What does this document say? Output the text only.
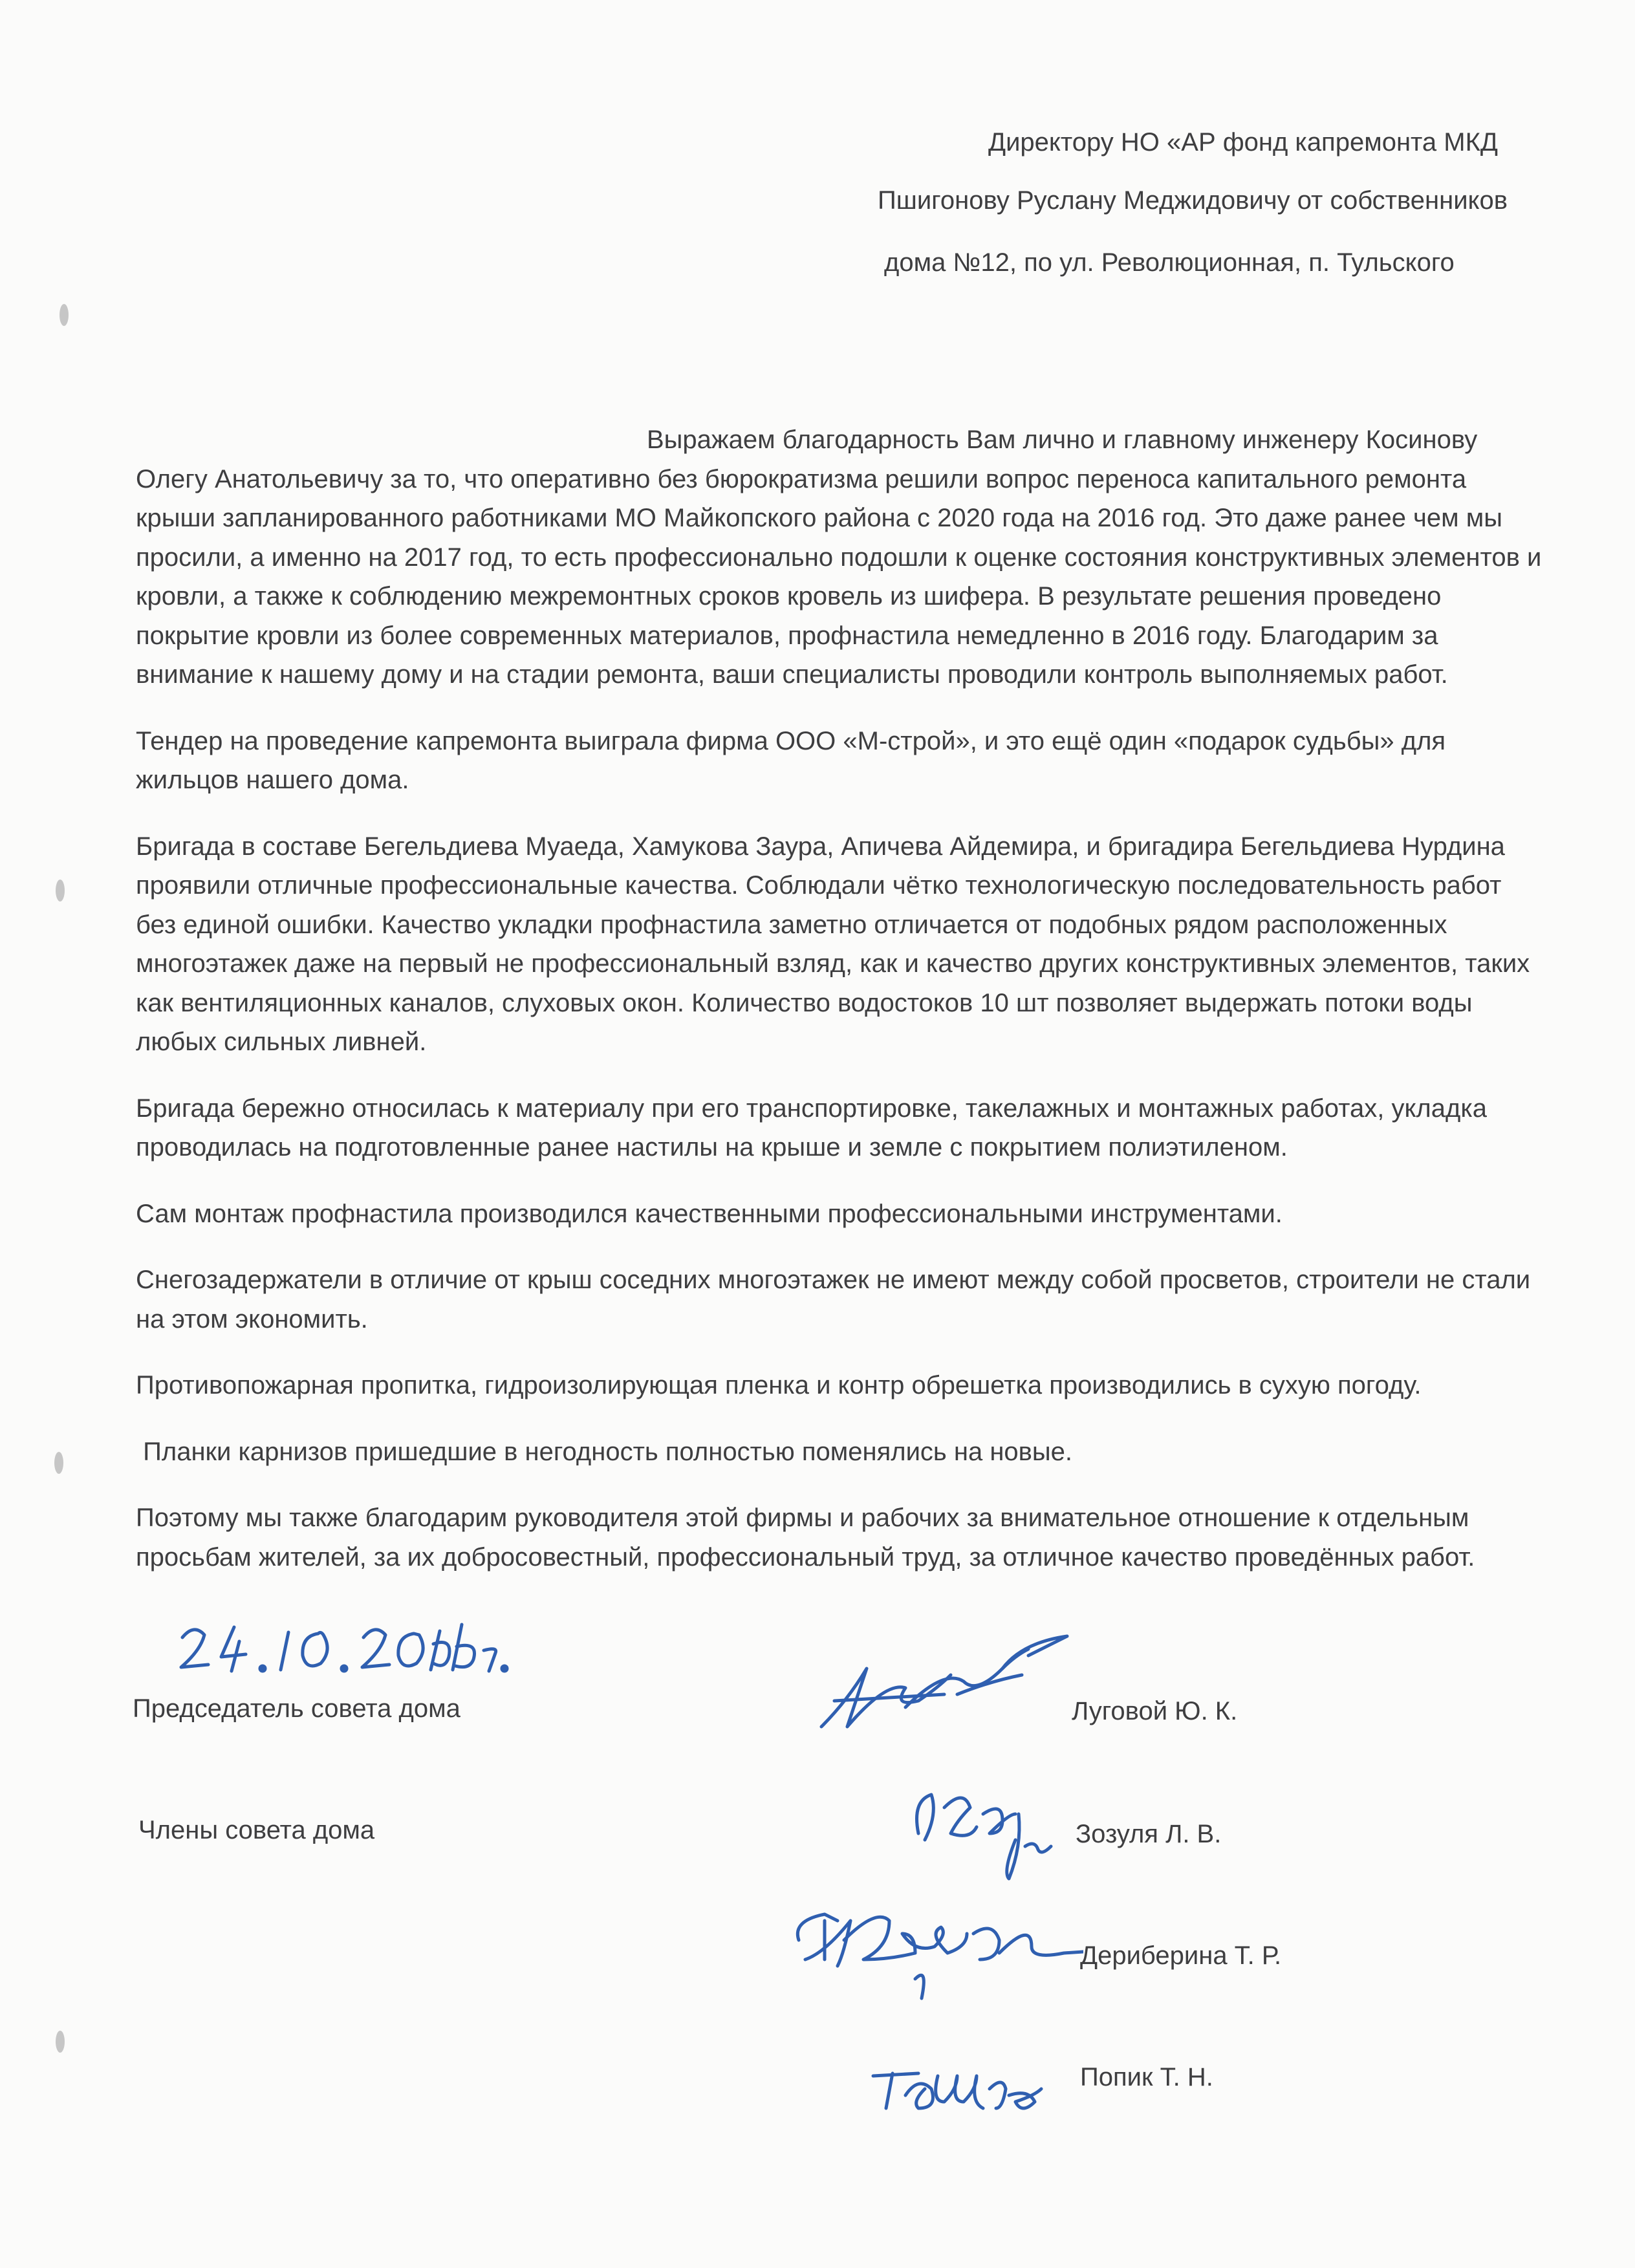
Директору НО «АР фонд капремонта МКД
Пшигонову Руслану Меджидовичу от собственников
дома №12, по ул. Революционная, п. Тульского

Выражаем благодарность Вам лично и главному инженеру Косинову Олегу Анатольевичу за то, что оперативно без бюрократизма решили вопрос переноса капитального ремонта крыши запланированного работниками МО Майкопского района с 2020 года на 2016 год. Это даже ранее чем мы просили, а именно на 2017 год, то есть профессионально подошли к оценке состояния конструктивных элементов и кровли, а также к соблюдению межремонтных сроков кровель из шифера. В результате решения проведено покрытие кровли из более современных материалов, профнастила немедленно в 2016 году. Благодарим за внимание к нашему дому и на стадии ремонта, ваши специалисты проводили контроль выполняемых работ.

Тендер на проведение капремонта выиграла фирма ООО «М-строй», и это ещё один «подарок судьбы» для жильцов нашего дома.

Бригада в составе Бегельдиева Муаеда, Хамукова Заура, Апичева Айдемира, и бригадира Бегельдиева Нурдина проявили отличные профессиональные качества. Соблюдали чётко технологическую последовательность работ без единой ошибки. Качество укладки профнастила заметно отличается от подобных рядом расположенных многоэтажек даже на первый не профессиональный взляд, как и качество других конструктивных элементов, таких как вентиляционных каналов, слуховых окон. Количество водостоков 10 шт позволяет выдержать потоки воды любых сильных ливней.

Бригада бережно относилась к материалу при его транспортировке, такелажных и монтажных работах, укладка проводилась на подготовленные ранее настилы на крыше и земле с покрытием полиэтиленом.

Сам монтаж профнастила производился качественными профессиональными инструментами.

Снегозадержатели в отличие от крыш соседних многоэтажек не имеют между собой просветов, строители не стали на этом экономить.

Противопожарная пропитка, гидроизолирующая пленка и контр обрешетка производились в сухую погоду.

Планки карнизов пришедшие в негодность полностью поменялись на новые.

Поэтому мы также благодарим руководителя этой фирмы и рабочих за внимательное отношение к отдельным просьбам жителей, за их добросовестный, профессиональный труд, за отличное качество проведённых работ.

Председатель совета дома	Луговой Ю. К.
Члены совета дома	Зозуля Л. В.
Дериберина Т. Р.
Попик Т. Н.
